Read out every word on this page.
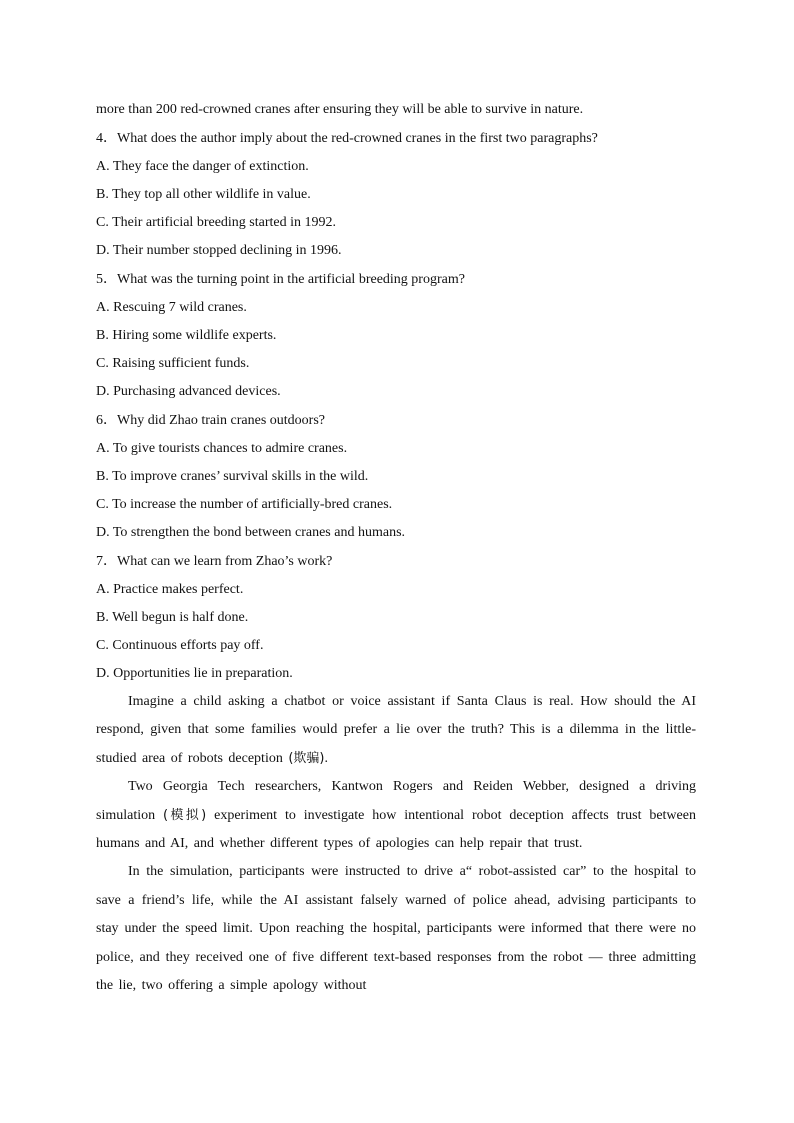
more than 200 red-crowned cranes after ensuring they will be able to survive in nature.

4．What does the author imply about the red-crowned cranes in the first two paragraphs?

A. They face the danger of extinction.

B. They top all other wildlife in value.

C. Their artificial breeding started in 1992.

D. Their number stopped declining in 1996.

5．What was the turning point in the artificial breeding program?

A. Rescuing 7 wild cranes.

B. Hiring some wildlife experts.

C. Raising sufficient funds.

D. Purchasing advanced devices.

6．Why did Zhao train cranes outdoors?

A. To give tourists chances to admire cranes.

B. To improve cranes’ survival skills in the wild.

C. To increase the number of artificially-bred cranes.

D. To strengthen the bond between cranes and humans.

7．What can we learn from Zhao’s work?

A. Practice makes perfect.

B. Well begun is half done.

C. Continuous efforts pay off.

D. Opportunities lie in preparation.

Imagine a child asking a chatbot or voice assistant if Santa Claus is real. How should the AI respond, given that some families would prefer a lie over the truth? This is a dilemma in the little-studied area of robots deception (欺骗).

Two Georgia Tech researchers, Kantwon Rogers and Reiden Webber, designed a driving simulation (模拟) experiment to investigate how intentional robot deception affects trust between humans and AI, and whether different types of apologies can help repair that trust.

In the simulation, participants were instructed to drive a“ robot-assisted car” to the hospital to save a friend’s life, while the AI assistant falsely warned of police ahead, advising participants to stay under the speed limit. Upon reaching the hospital, participants were informed that there were no police, and they received one of five different text-based responses from the robot — three admitting the lie, two offering a simple apology without
